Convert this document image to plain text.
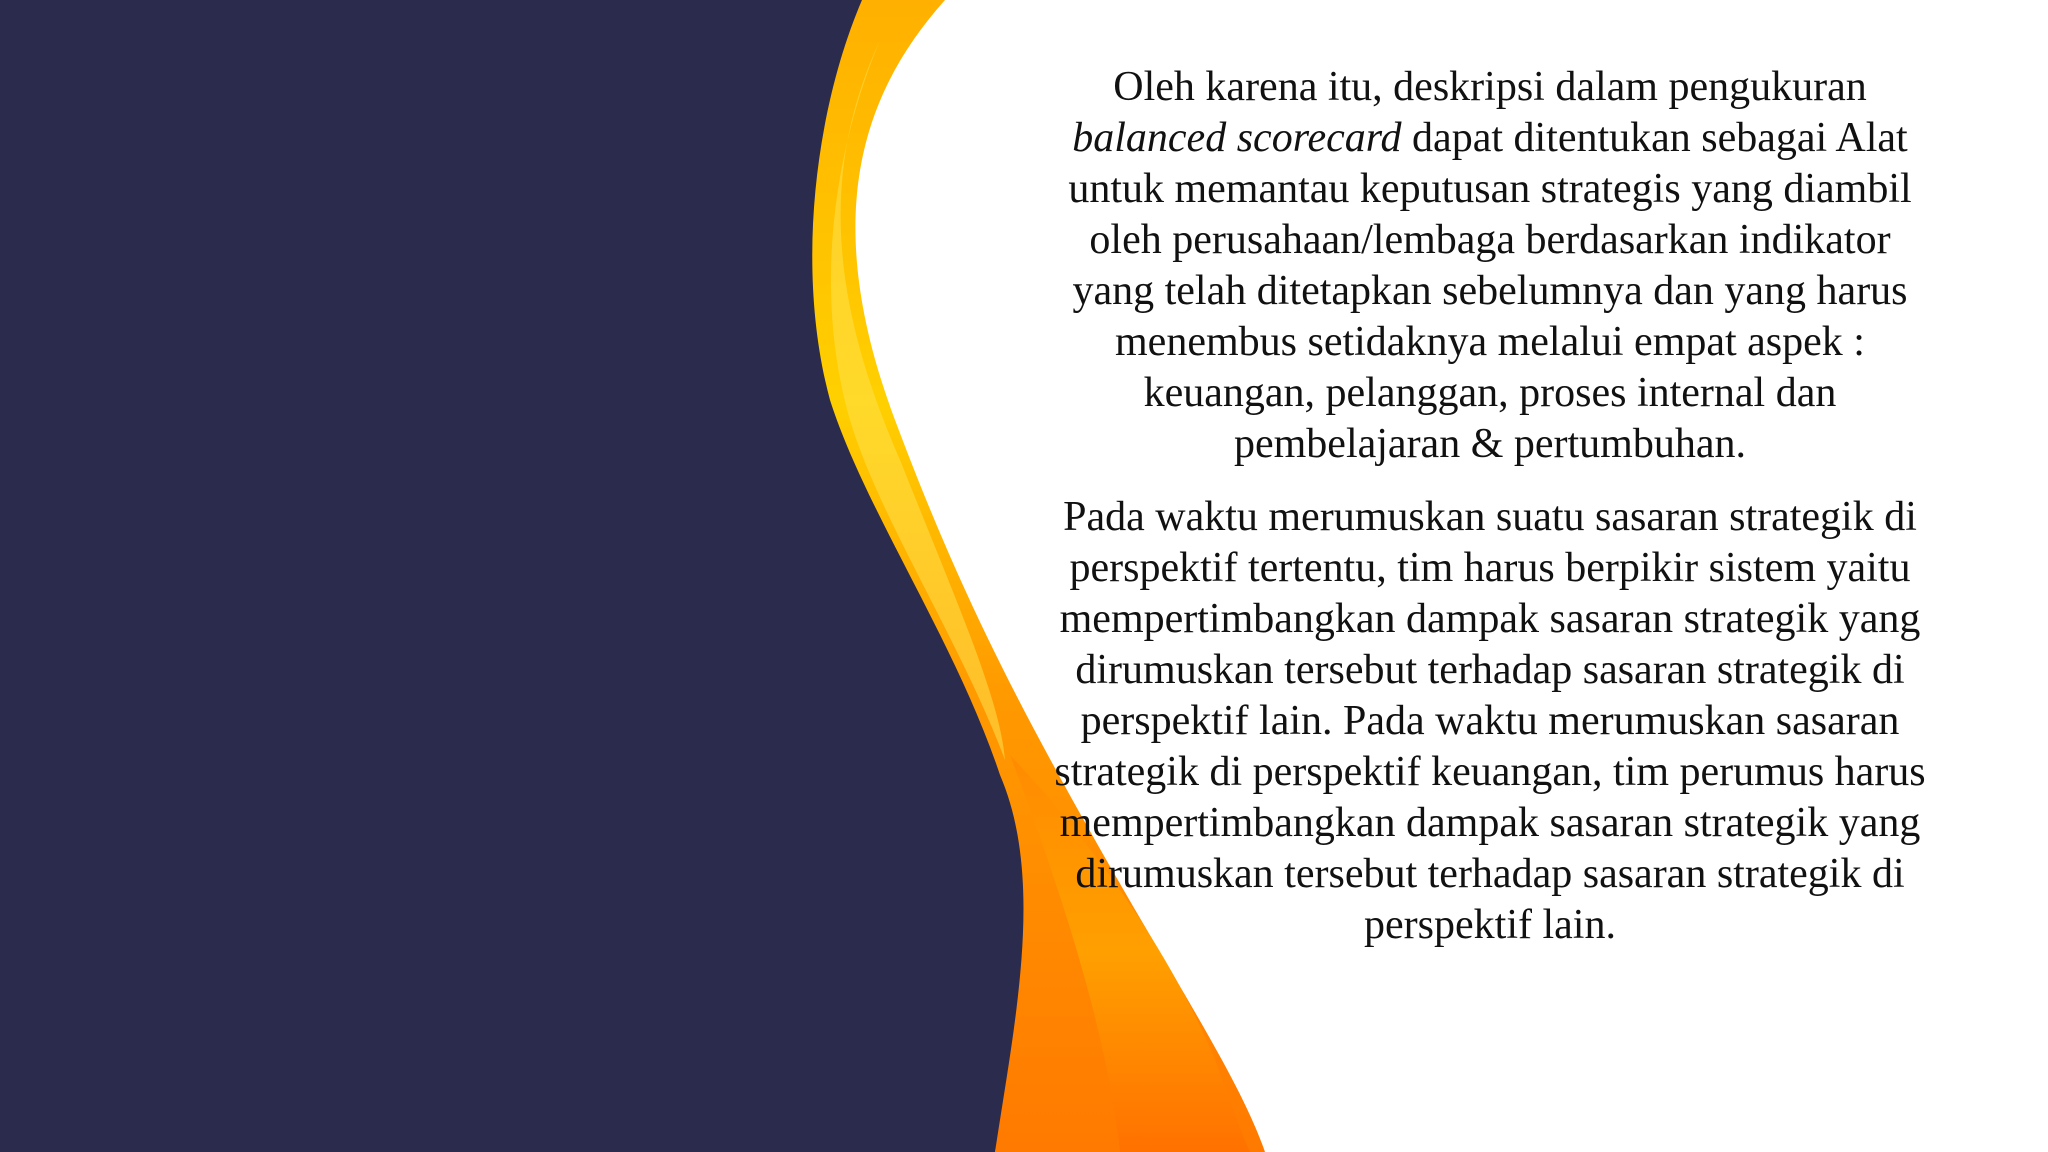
Oleh karena itu, deskripsi dalam pengukuran
balanced scorecard dapat ditentukan sebagai Alat untuk memantau keputusan strategis yang diambil oleh perusahaan/lembaga berdasarkan indikator yang telah ditetapkan sebelumnya dan yang harus menembus setidaknya melalui empat aspek : keuangan, pelanggan, proses internal dan pembelajaran & pertumbuhan.

Pada waktu merumuskan suatu sasaran strategik di perspektif tertentu, tim harus berpikir sistem yaitu mempertimbangkan dampak sasaran strategik yang dirumuskan tersebut terhadap sasaran strategik di perspektif lain. Pada waktu merumuskan sasaran strategik di perspektif keuangan, tim perumus harus mempertimbangkan dampak sasaran strategik yang dirumuskan tersebut terhadap sasaran strategik di perspektif lain.
